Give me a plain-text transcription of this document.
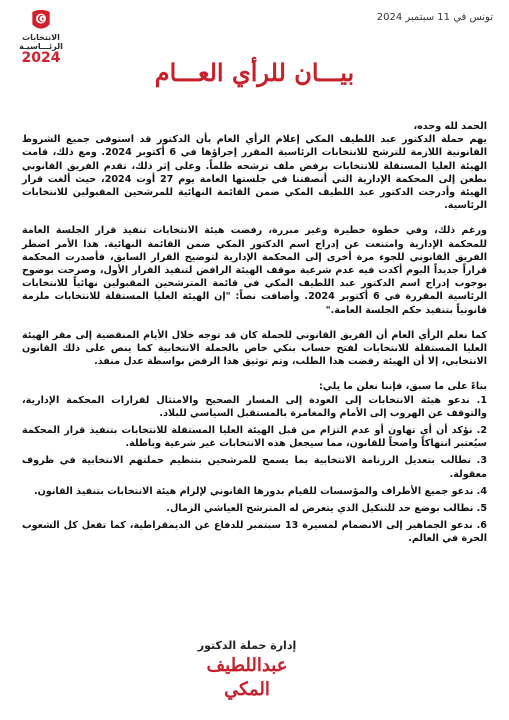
الانتخابات
الرئـــاسيـة
2024
تونس في 11 سبتمبر 2024
بيـــان للرأي العـــام

الحمد لله وحده،

يهم حملة الدكتور عبد اللطيف المكي إعلام الرأي العام بأن الدكتور قد استوفى جميع الشروط القانونية اللازمة للترشح للانتخابات الرئاسية المقرر إجراؤها في 6 أكتوبر 2024. ومع ذلك، قامت الهيئة العليا المستقلة للانتخابات برفض ملف ترشحه ظلماً. وعلى إثر ذلك، تقدم الفريق القانوني بطعن إلى المحكمة الإدارية التي أنصفتنا في جلستها العامة يوم 27 أوت 2024، حيث ألغت قرار الهيئة وأدرجت الدكتور عبد اللطيف المكي ضمن القائمة النهائية للمرشحين المقبولين للانتخابات الرئاسية.

ورغم ذلك، وفي خطوة خطيرة وغير مبررة، رفضت هيئة الانتخابات تنفيذ قرار الجلسة العامة للمحكمة الإدارية وامتنعت عن إدراج اسم الدكتور المكي ضمن القائمة النهائية. هذا الأمر اضطر الفريق القانوني للجوء مرة أخرى إلى المحكمة الإدارية لتوضيح القرار السابق، فأصدرت المحكمة قراراً جديداً اليوم أكدت فيه عدم شرعية موقف الهيئة الرافض لتنفيذ القرار الأول، وصرحت بوضوح بوجوب إدراج اسم الدكتور عبد اللطيف المكي في قائمة المترشحين المقبولين نهائياً للانتخابات الرئاسية المقررة في 6 أكتوبر 2024. وأضافت نصاً: "إن الهيئة العليا المستقلة للانتخابات ملزمة قانونياً بتنفيذ حكم الجلسة العامة."

كما نعلم الرأي العام أن الفريق القانوني للحملة كان قد توجه خلال الأيام المنقضية إلى مقر الهيئة العليا المستقلة للانتخابات لفتح حساب بنكي خاص بالحملة الانتخابية كما ينص على ذلك القانون الانتخابي، إلا أن الهيئة رفضت هذا الطلب، وتم توثيق هذا الرفض بواسطة عدل منفذ.

بناءً على ما سبق، فإننا نعلن ما يلي:

1. ندعو هيئة الانتخابات إلى العودة إلى المسار الصحيح والامتثال لقرارات المحكمة الإدارية، والتوقف عن الهروب إلى الأمام والمغامرة بالمستقبل السياسي للبلاد.
2. نؤكد أن أي تهاون أو عدم التزام من قبل الهيئة العليا المستقلة للانتخابات بتنفيذ قرار المحكمة سيُعتبر انتهاكاً واضحاً للقانون، مما سيجعل هذه الانتخابات غير شرعية وباطلة.
3. نطالب بتعديل الرزنامة الانتخابية بما يسمح للمرشحين بتنظيم حملتهم الانتخابية في ظروف معقولة.
4. ندعو جميع الأطراف والمؤسسات للقيام بدورها القانوني لإلزام هيئة الانتخابات بتنفيذ القانون.
5. نطالب بوضع حد للتنكيل الذي يتعرض له المترشح العياشي الزمال.
6. ندعو الجماهير إلى الانضمام لمسيرة 13 سبتمبر للدفاع عن الديمقراطية، كما تفعل كل الشعوب الحرة في العالم.
إدارة حملة الدكتور
عبداللطيف المكي
